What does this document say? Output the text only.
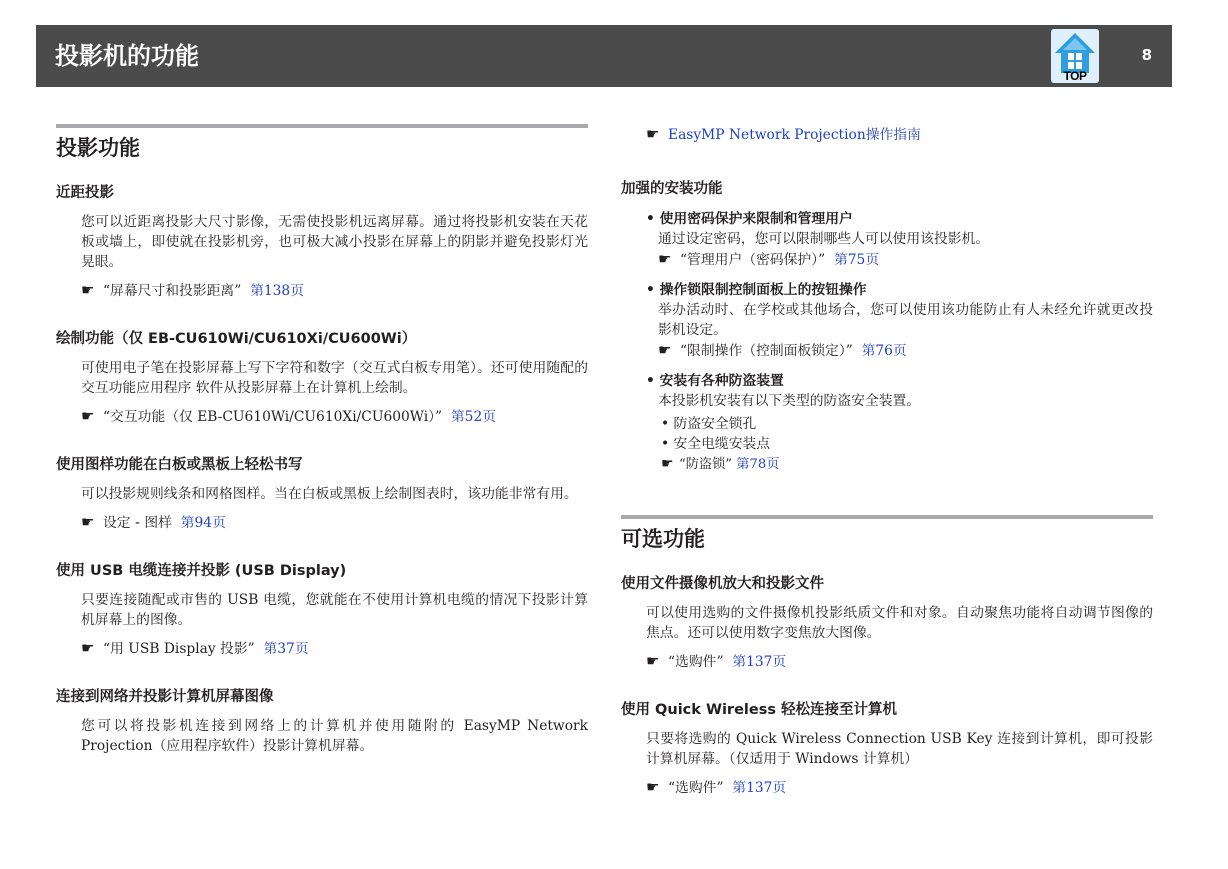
投影机的功能
TOP
8
投影功能
近距投影
您可以近距离投影大尺寸影像，无需使投影机远离屏幕。通过将投影机安装在天花板或墙上，即使就在投影机旁，也可极大减小投影在屏幕上的阴影并避免投影灯光晃眼。
☛ “屏幕尺寸和投影距离” 第138页
绘制功能（仅 EB-CU610Wi/CU610Xi/CU600Wi）
可使用电子笔在投影屏幕上写下字符和数字（交互式白板专用笔）。还可使用随配的 交互功能应用程序 软件从投影屏幕上在计算机上绘制。
☛ “交互功能（仅 EB-CU610Wi/CU610Xi/CU600Wi）” 第52页
使用图样功能在白板或黑板上轻松书写
可以投影规则线条和网格图样。当在白板或黑板上绘制图表时，该功能非常有用。
☛ 设定 - 图样 第94页
使用 USB 电缆连接并投影 (USB Display)
只要连接随配或市售的 USB 电缆，您就能在不使用计算机电缆的情况下投影计算机屏幕上的图像。
☛ “用 USB Display 投影” 第37页
连接到网络并投影计算机屏幕图像
您可以将投影机连接到网络上的计算机并使用随附的 EasyMP Network Projection（应用程序软件）投影计算机屏幕。
☛ EasyMP Network Projection操作指南
加强的安装功能
• 使用密码保护来限制和管理用户
通过设定密码，您可以限制哪些人可以使用该投影机。
☛ “管理用户（密码保护）” 第75页
• 操作锁限制控制面板上的按钮操作
举办活动时、在学校或其他场合，您可以使用该功能防止有人未经允许就更改投影机设定。
☛ “限制操作（控制面板锁定）” 第76页
• 安装有各种防盗装置
本投影机安装有以下类型的防盗安全装置。
• 防盗安全锁孔
• 安全电缆安装点
☛ “防盗锁” 第78页
可选功能
使用文件摄像机放大和投影文件
可以使用选购的文件摄像机投影纸质文件和对象。自动聚焦功能将自动调节图像的焦点。还可以使用数字变焦放大图像。
☛ “选购件” 第137页
使用 Quick Wireless 轻松连接至计算机
只要将选购的 Quick Wireless Connection USB Key 连接到计算机，即可投影计算机屏幕。（仅适用于 Windows 计算机）
☛ “选购件” 第137页
